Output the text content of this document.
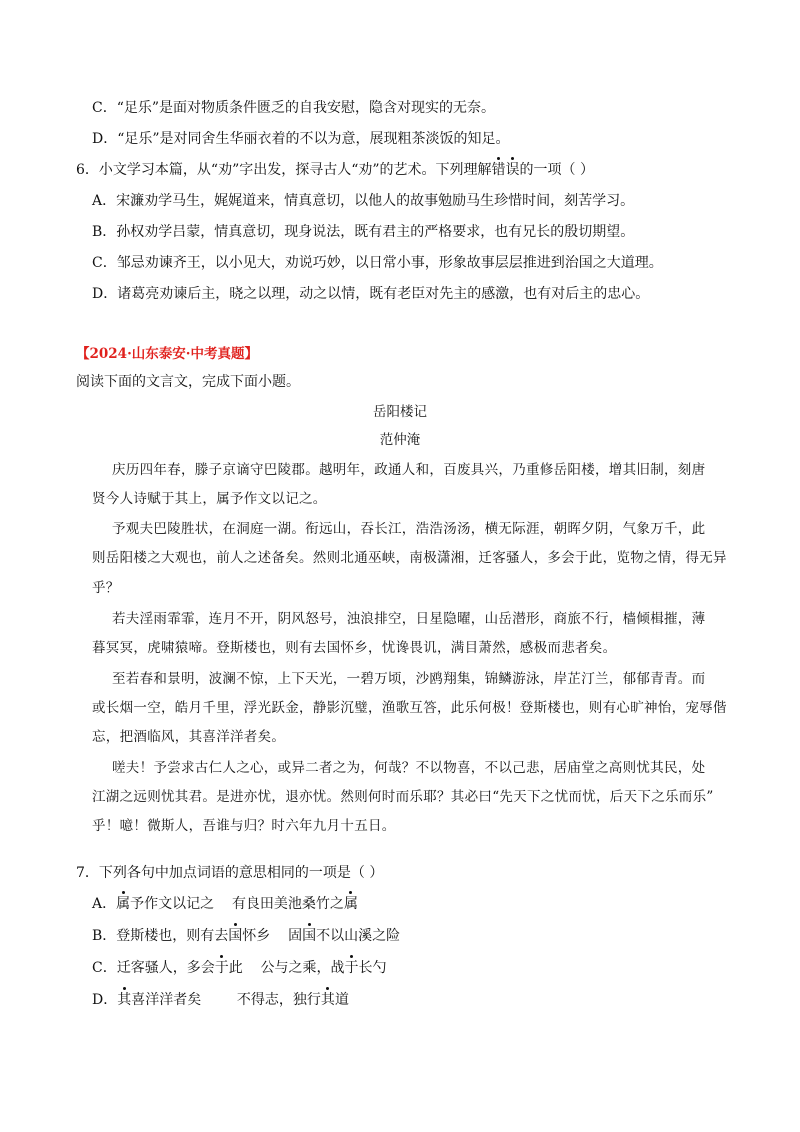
C．“足乐”是面对物质条件匮乏的自我安慰，隐含对现实的无奈。
D．“足乐”是对同舍生华丽衣着的不以为意，展现粗茶淡饭的知足。
6．小文学习本篇，从“劝”字出发，探寻古人“劝”的艺术。下列理解错误的一项（ ）
A．宋濂劝学马生，娓娓道来，情真意切，以他人的故事勉励马生珍惜时间，刻苦学习。
B．孙权劝学吕蒙，情真意切，现身说法，既有君主的严格要求，也有兄长的殷切期望。
C．邹忌劝谏齐王，以小见大，劝说巧妙，以日常小事，形象故事层层推进到治国之大道理。
D．诸葛亮劝谏后主，晓之以理，动之以情，既有老臣对先主的感激，也有对后主的忠心。
【2024·山东泰安·中考真题】
阅读下面的文言文，完成下面小题。
岳阳楼记
范仲淹
庆历四年春，滕子京谪守巴陵郡。越明年，政通人和，百废具兴，乃重修岳阳楼，增其旧制，刻唐
贤今人诗赋于其上，属予作文以记之。
予观夫巴陵胜状，在洞庭一湖。衔远山，吞长江，浩浩汤汤，横无际涯，朝晖夕阴，气象万千，此
则岳阳楼之大观也，前人之述备矣。然则北通巫峡，南极潇湘，迁客骚人，多会于此，览物之情，得无异
乎？
若夫淫雨霏霏，连月不开，阴风怒号，浊浪排空，日星隐曜，山岳潜形，商旅不行，樯倾楫摧，薄
暮冥冥，虎啸猿啼。登斯楼也，则有去国怀乡，忧谗畏讥，满目萧然，感极而悲者矣。
至若春和景明，波澜不惊，上下天光，一碧万顷，沙鸥翔集，锦鳞游泳，岸芷汀兰，郁郁青青。而
或长烟一空，皓月千里，浮光跃金，静影沉璧，渔歌互答，此乐何极！登斯楼也，则有心旷神怡，宠辱偕
忘，把酒临风，其喜洋洋者矣。
嗟夫！予尝求古仁人之心，或异二者之为，何哉？不以物喜，不以己悲，居庙堂之高则忧其民，处
江湖之远则忧其君。是进亦忧，退亦忧。然则何时而乐耶？其必曰“先天下之忧而忧，后天下之乐而乐”
乎！噫！微斯人，吾谁与归？时六年九月十五日。
7．下列各句中加点词语的意思相同的一项是（ ）
A．属予作文以记之 有良田美池桑竹之属
B．登斯楼也，则有去国怀乡 固国不以山溪之险
C．迁客骚人，多会于此 公与之乘，战于长勺
D．其喜洋洋者矣	不得志，独行其道
